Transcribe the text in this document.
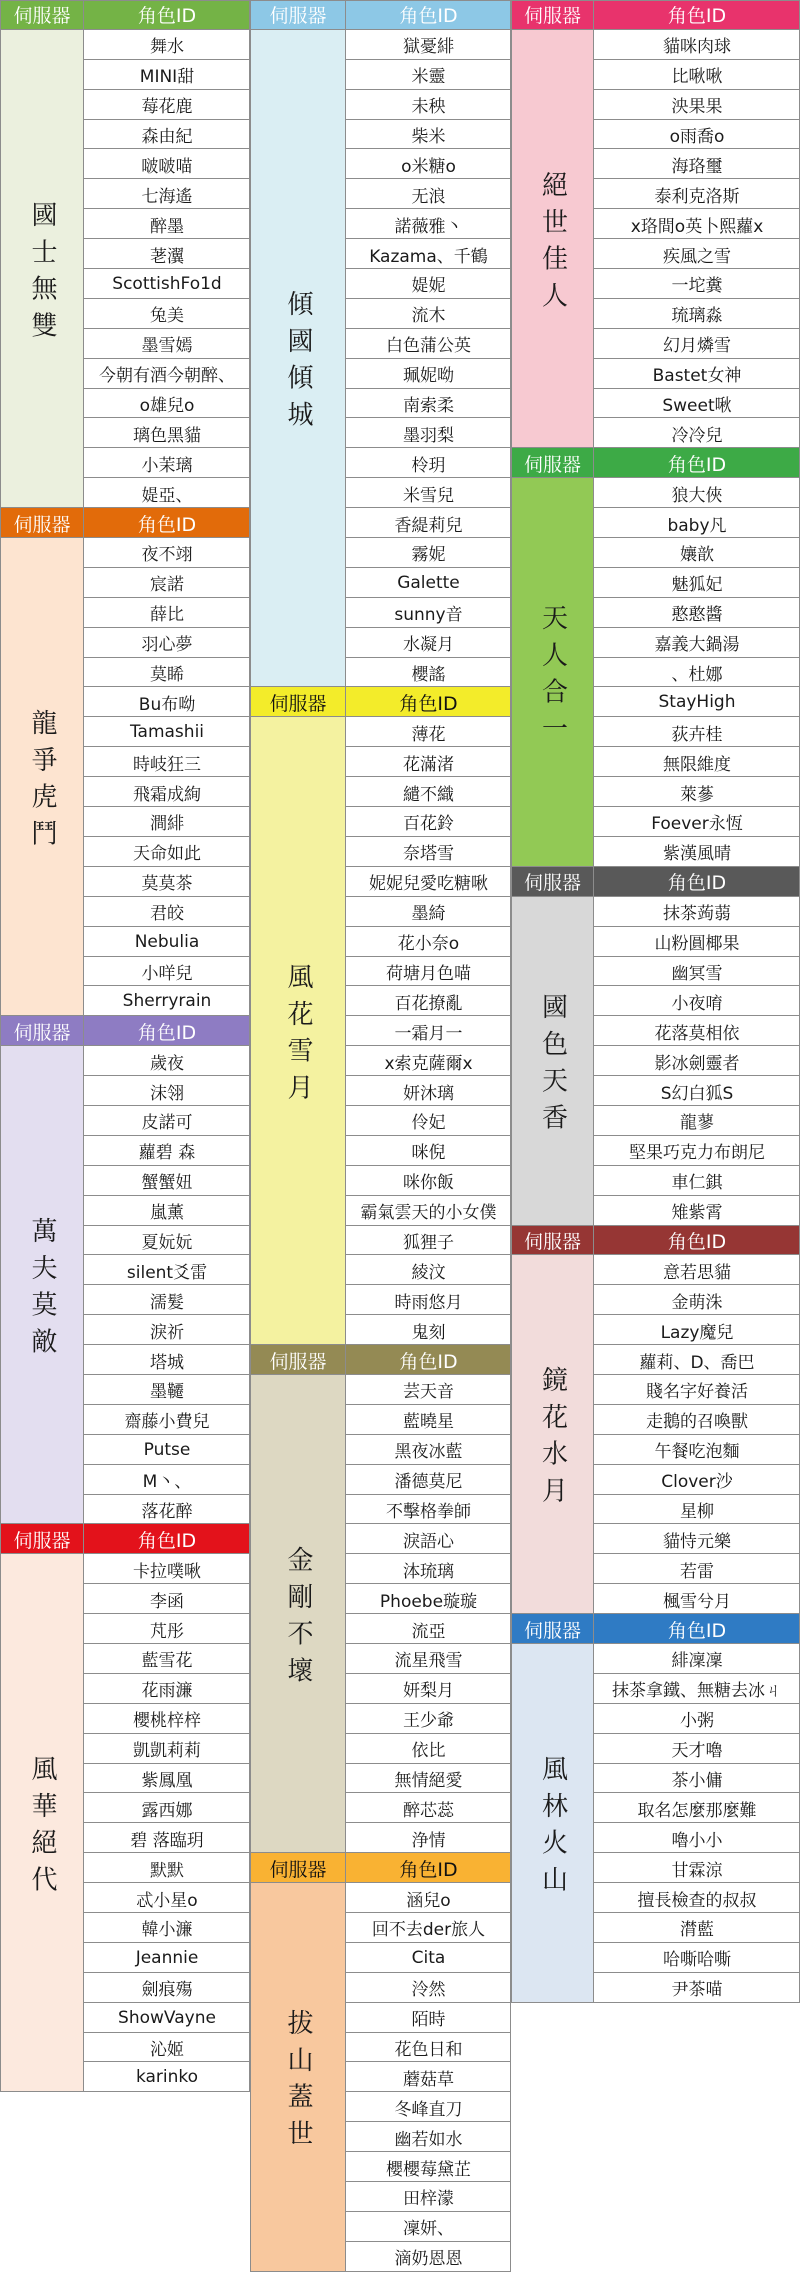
伺服器	角色ID
國士無雙
舞水
MINI甜
莓花鹿
森由紀
啵啵喵
七海遙
醉墨
荖瀷
ScottishFo1d
兔美
墨雪嫣
今朝有酒今朝醉、
o雄兒o
璃色黑貓
小茉璃
媞亞、
伺服器	角色ID
龍爭虎鬥
夜不翊
宸諾
薛比
羽心夢
莫睎
Bu布呦
Tamashii
時岐狂三
飛霜成絢
澗緋
天命如此
莫莫茶
君皎
Nebulia
小咩兒
Sherryrain
伺服器	角色ID
萬夫莫敵
歲夜
沫翎
皮諾可
蘿碧 森
蟹蟹妞
嵐薰
夏妧妧
silent爻雷
濡髮
淚祈
塔城
墨韆
齋藤小費兒
Putse
M丶、
落花醉
伺服器	角色ID
風華絕代
卡拉噗啾
李函
芃彤
藍雪花
花雨濂
櫻桃梓梓
凱凱莉莉
紫鳳凰
露西娜
碧 落臨玥
默默
忒小星o
韓小濂
Jeannie
劍痕殤
ShowVayne
沁姬
karinko
伺服器	角色ID
傾國傾城
獄憂緋
米靈
未秧
柴米
o米糖o
无浪
諾薇雅丶
Kazama、千鶴
媞妮
流木
白色蒲公英
珮妮呦
南索柔
墨羽梨
柃玥
米雪兒
香緹莉兒
霧妮
Galette
sunny音
水凝月
櫻謠
伺服器	角色ID
風花雪月
薄花
花滿渚
繾不織
百花鈴
奈塔雪
妮妮兒愛吃糖啾
墨綺
花小奈o
荷塘月色喵
百花撩亂
一霜月一
x索克薩爾x
妍沐璃
伶妃
咪倪
咪你飯
霸氣雲天的小女僕
狐狸子
綾汶
時雨悠月
鬼刻
伺服器	角色ID
金剛不壞
芸天音
藍曉星
黑夜冰藍
潘德莫尼
不擊格拳師
淚語心
泍琉璃
Phoebe璇璇
流亞
流星飛雪
妍梨月
王少爺
依比
無情絕愛
醉芯蕊
浄情
伺服器	角色ID
拔山蓋世
涵兒o
回不去der旅人
Cita
泠然
陌時
花色日和
蘑菇草
冬峰直刀
幽若如水
櫻櫻莓黛芷
田梓濛
凜妍、
滴奶恩恩
伺服器	角色ID
絕世佳人
貓咪肉球
比啾啾
泱果果
o雨喬o
海珞璽
泰利克洛斯
x珞間o英卜熙蘿x
疾風之雪
一坨糞
琉璃淼
幻月燐雪
Bastet女神
Sweet啾
冷冷兒
伺服器	角色ID
天人合一
狼大俠
baby凡
孃歆
魅狐妃
憨憨醬
嘉義大鍋湯
、杜娜
StayHigh
荻卉桂
無限維度
萊蔘
Foever永恆
紫漢風晴
伺服器	角色ID
國色天香
抹茶蒟蒻
山粉圓椰果
幽冥雪
小夜唷
花落莫相依
影冰劍靈者
S幻白狐S
龍蓼
堅果巧克力布朗尼
車仁錤
雉紫霄
伺服器	角色ID
鏡花水月
意若思貓
金萌洙
Lazy魔兒
蘿莉、D、喬巴
賤名字好養活
走鵝的召喚獸
午餐吃泡麵
Clover沙
星柳
貓恃元樂
若雷
楓雪兮月
伺服器	角色ID
風林火山
緋凜凜
抹茶拿鐵、無糖去冰ㄐ
小粥
天才嚕
茶小傭
取名怎麼那麼難
嚕小小
甘霖涼
擅長檢查的叔叔
潸藍
哈嘶哈嘶
尹茶喵
